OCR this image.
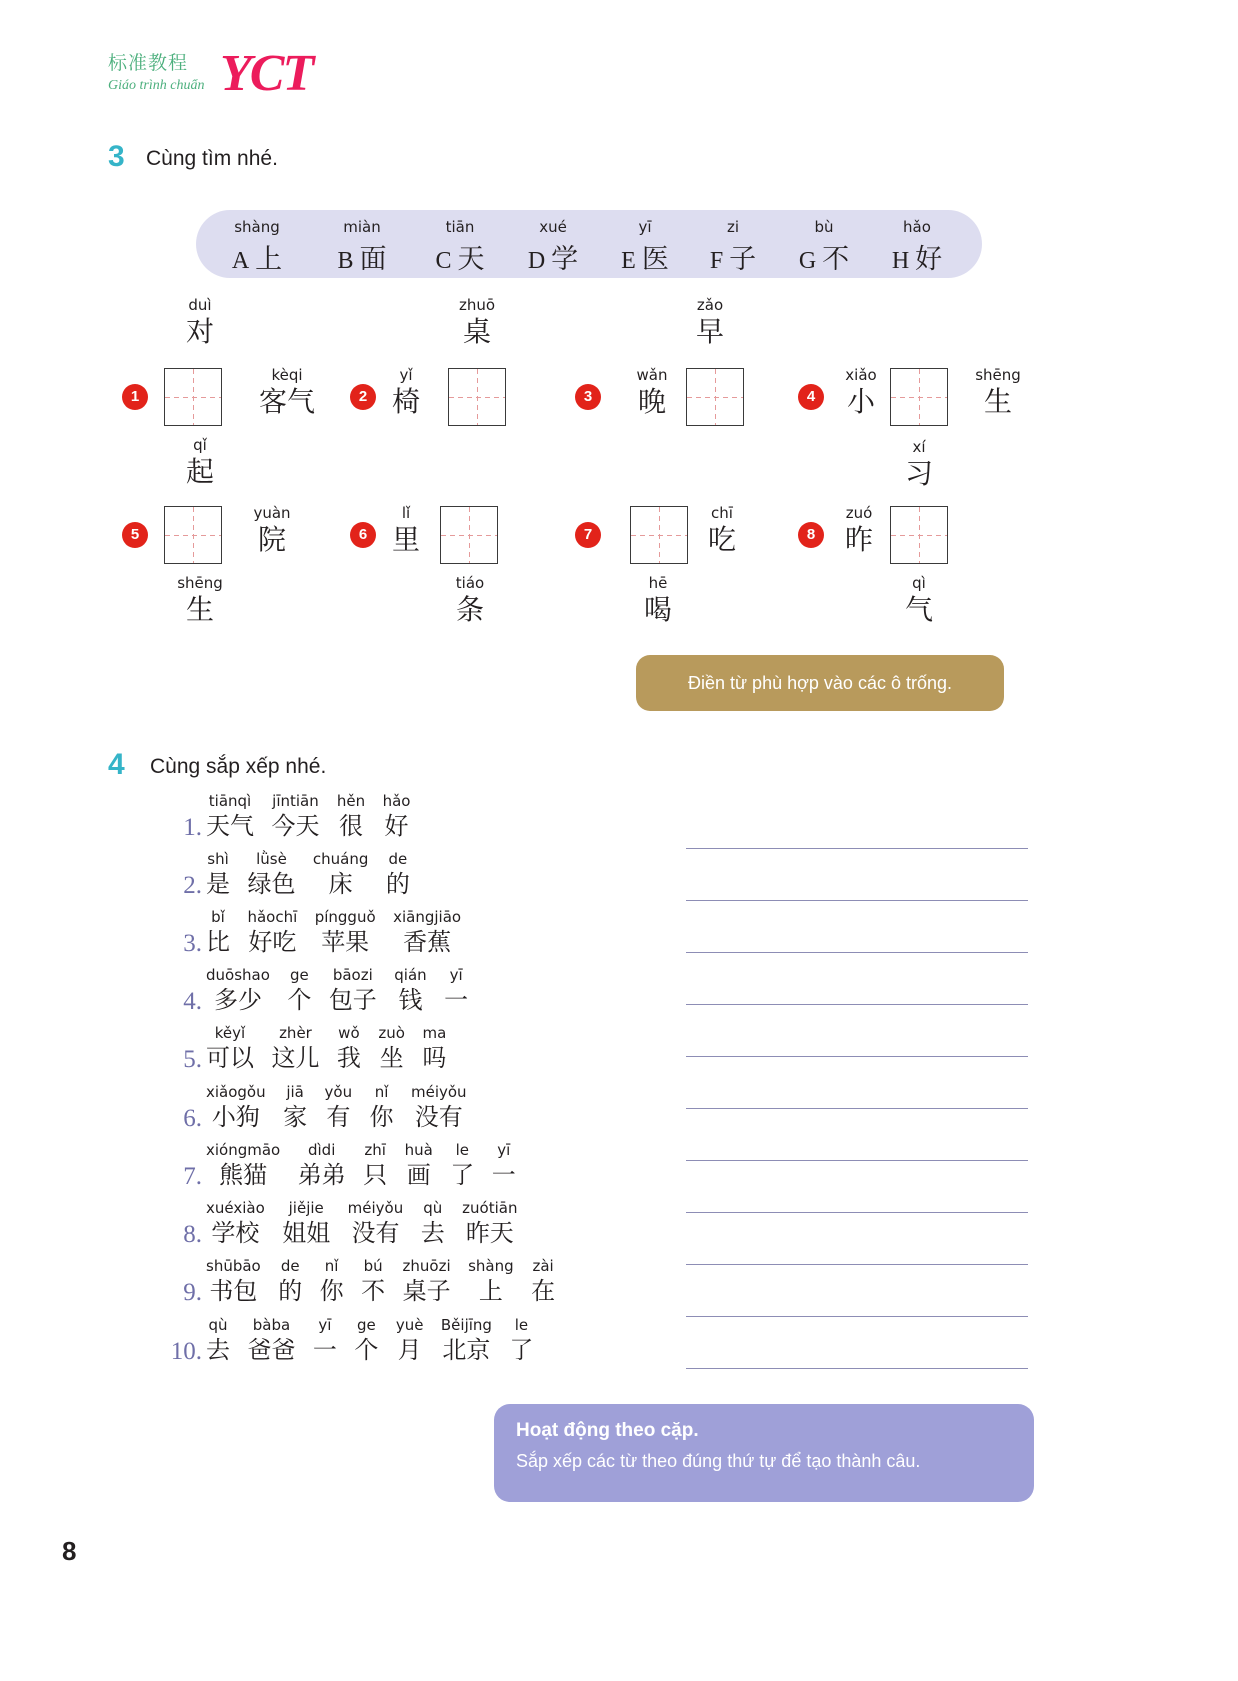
标准教程
Giáo trình chuẩn YCT
3 Cùng tìm nhé.
shàng
A 上
miàn
B 面
tiān
C 天
xué
D 学
yī
E 医
zi
F 子
bù
G 不
hǎo
H 好
duì
对
1
kèqi
客气
qǐ
起
zhuō
桌
2
yǐ
椅
zǎo
早
3
wǎn
晚	4
xiǎo
小
shēng
生
xí
习
5
yuàn
院
shēng
生
6
lǐ
里
tiáo
条
7
chī
吃
hē
喝
8
zuó
昨
qì
气
Điền từ phù hợp vào các ô trống.
4 Cùng sắp xếp nhé.
1.
tiānqì
天气

jīntiān
今天

hěn
很

hǎo
好
2.
shì
是

lǜsè
绿色

chuáng
床

de
的
3.
bǐ
比

hǎochī
好吃

píngguǒ
苹果

xiāngjiāo
香蕉
4.
duōshao
多少

ge
个

bāozi
包子

qián
钱

yī
一
5.
kěyǐ
可以

zhèr
这儿

wǒ
我

zuò
坐

ma
吗
6.
xiǎogǒu
小狗

jiā
家

yǒu
有

nǐ
你

méiyǒu
没有
7.
xióngmāo
熊猫

dìdi
弟弟

zhī
只

huà
画

le
了

yī
一
8.
xuéxiào
学校

jiějie
姐姐

méiyǒu
没有

qù
去

zuótiān
昨天
9.
shūbāo
书包

de
的

nǐ
你

bú
不

zhuōzi
桌子

shàng
上

zài
在
10.
qù
去

bàba
爸爸

yī
一

ge
个

yuè
月

Běijīng
北京

le
了
Hoạt động theo cặp.
Sắp xếp các từ theo đúng thứ tự để tạo thành câu.
8
